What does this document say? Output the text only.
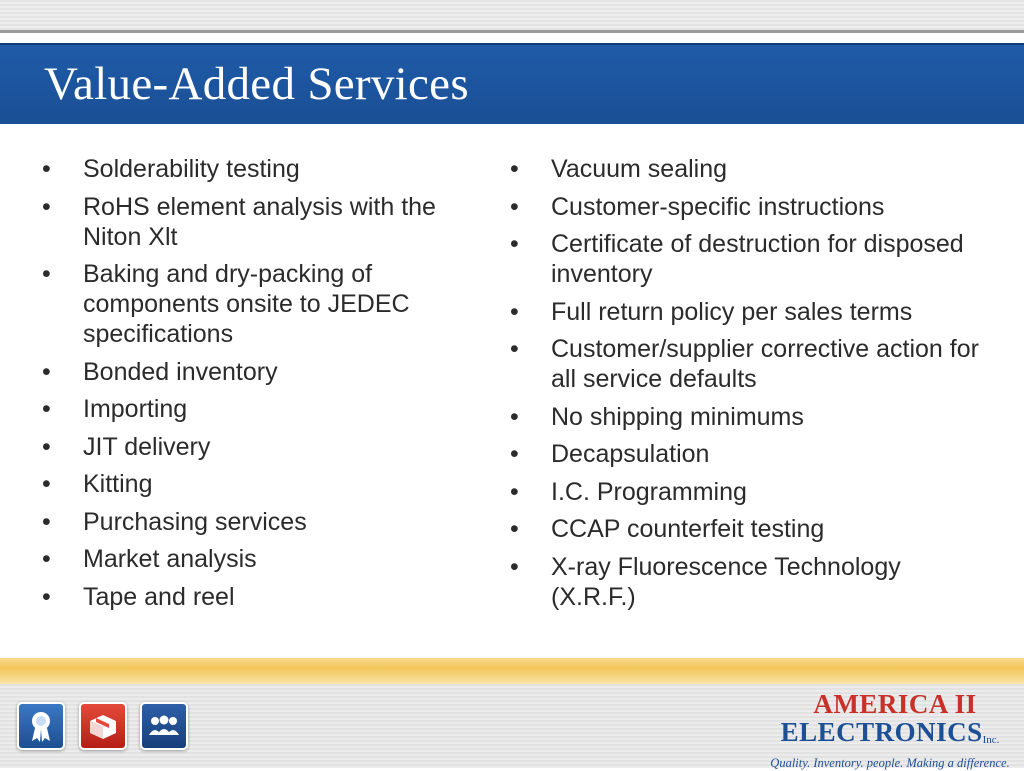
Value-Added Services
•	Solderability testing
•	RoHS element analysis with the Niton Xlt
•	Baking and dry-packing of components onsite to JEDEC specifications
•	Bonded inventory
•	Importing
•	JIT delivery
•	Kitting
•	Purchasing services
•	Market analysis
•	Tape and reel
•	Vacuum sealing
•	Customer-specific instructions
•	Certificate of destruction for disposed inventory
•	Full return policy per sales terms
•	Customer/supplier corrective action for all service defaults
•	No shipping minimums
•	Decapsulation
•	I.C. Programming
•	CCAP counterfeit testing
•	X-ray Fluorescence Technology (X.R.F.)
AMERICA II
ELECTRONICSInc.
Quality. Inventory. people. Making a difference.
